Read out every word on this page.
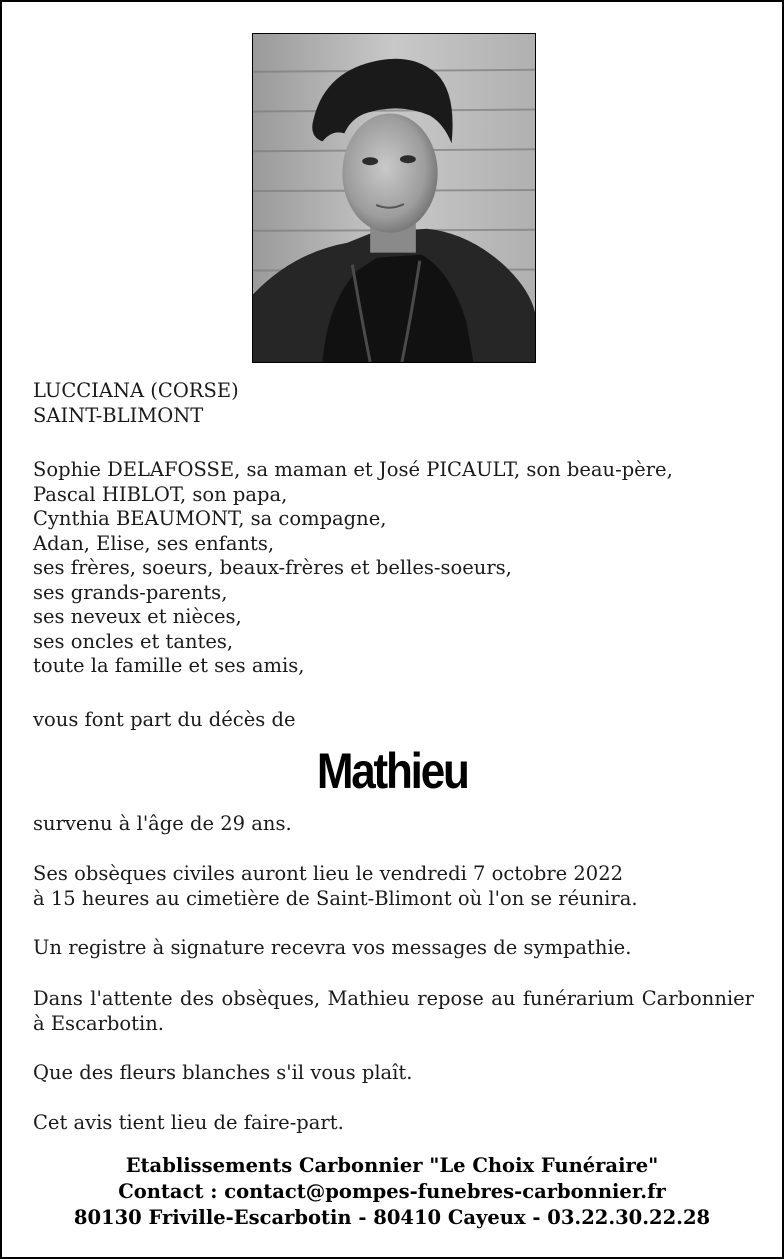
LUCCIANA (CORSE)
SAINT-BLIMONT

Sophie DELAFOSSE, sa maman et José PICAULT, son beau-père,
Pascal HIBLOT, son papa,
Cynthia BEAUMONT, sa compagne,
Adan, Elise, ses enfants,
ses frères, soeurs, beaux-frères et belles-soeurs,
ses grands-parents,
ses neveux et nièces,
ses oncles et tantes,
toute la famille et ses amis,

vous font part du décès de

Mathieu

survenu à l'âge de 29 ans.

Ses obsèques civiles auront lieu le vendredi 7 octobre 2022
à 15 heures au cimetière de Saint-Blimont où l'on se réunira.

Un registre à signature recevra vos messages de sympathie.

Dans l'attente des obsèques, Mathieu repose au funérarium Carbonnier à Escarbotin.

Que des fleurs blanches s'il vous plaît.

Cet avis tient lieu de faire-part.

Etablissements Carbonnier "Le Choix Funéraire"
Contact : contact@pompes-funebres-carbonnier.fr
80130 Friville-Escarbotin - 80410 Cayeux - 03.22.30.22.28
